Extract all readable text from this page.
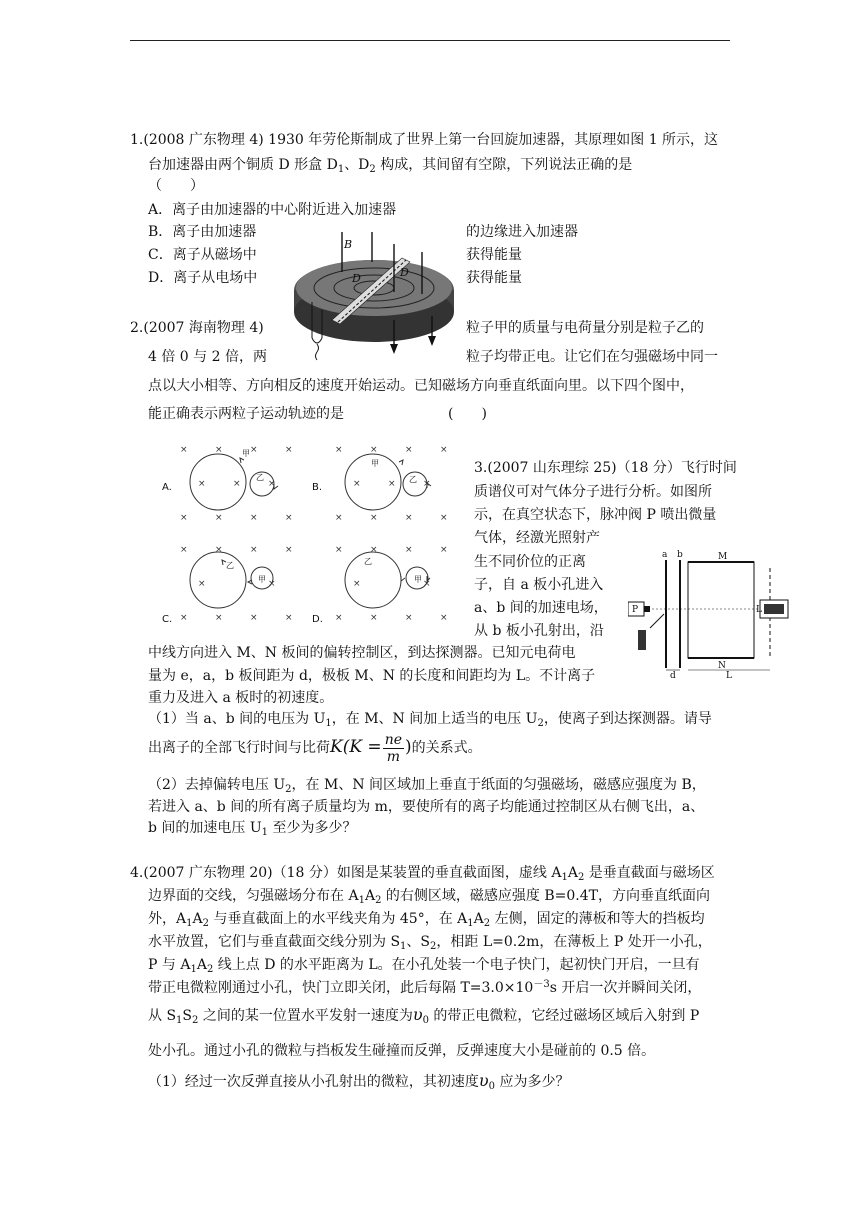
1.(2008 广东物理 4) 1930 年劳伦斯制成了世界上第一台回旋加速器，其原理如图 1 所示，这
台加速器由两个铜质 D 形盒 $D_1$、$D_2$ 构成，其间留有空隙，下列说法正确的是
（　　）
A．离子由加速器的中心附近进入加速器
B．离子由加速器	的边缘进入加速器
C．离子从磁场中	获得能量
D．离子从电场中	获得能量
B
D	D
2.(2007 海南物理 4)	粒子甲的质量与电荷量分别是粒子乙的
4 倍 0 与 2 倍，两	粒子均带正电。让它们在匀强磁场中同一
点以大小相等、方向相反的速度开始运动。已知磁场方向垂直纸面向里。以下四个图中，
能正确表示两粒子运动轨迹的是	(　　)
×	×	×	×
×	×	×
×	×	×	×
A.
甲
乙
×	×	×	×
×	×	×
×	×	×	×
B.
甲
乙
×	×	×	×
×	×
×	×	×	×
C.
乙
甲
×	×	×	×
×	×
×	×	×	×
D.
乙
甲
3.(2007 山东理综 25)（18 分）飞行时间
质谱仪可对气体分子进行分析。如图所
示，在真空状态下，脉冲阀 P 喷出微量
气体，经激光照射产
生不同价位的正离
子，自 a 板小孔进入
a、b 间的加速电场，
从 b 板小孔射出，沿
中线方向进入 M、N 板间的偏转控制区，到达探测器。已知元电荷电
量为 e，a，b 板间距为 d，极板 M、N 的长度和间距均为 L。不计离子
重力及进入 a 板时的初速度。
a b	M
N
L
L
d
P
（1）当 a、b 间的电压为 $U_1$，在 M、N 间加上适当的电压 $U_2$，使离子到达探测器。请导
出离子的全部飞行时间与比荷$K(K = \frac{ne}{m}$ )的关系式。
（2）去掉偏转电压 $U_2$，在 M、N 间区域加上垂直于纸面的匀强磁场，磁感应强度为 B，
若进入 a、b 间的所有离子质量均为 m，要使所有的离子均能通过控制区从右侧飞出，a、
b 间的加速电压 $U_1$ 至少为多少？
4.(2007 广东物理 20)（18 分）如图是某装置的垂直截面图，虚线 $A_1A_2$ 是垂直截面与磁场区
边界面的交线，匀强磁场分布在 $A_1A_2$ 的右侧区域，磁感应强度 B=0.4T，方向垂直纸面向
外，$A_1A_2$ 与垂直截面上的水平线夹角为 45°，在 $A_1A_2$ 左侧，固定的薄板和等大的挡板均
水平放置，它们与垂直截面交线分别为 $S_1$、$S_2$，相距 L=0.2m，在薄板上 P 处开一小孔，
P 与 $A_1A_2$ 线上点 D 的水平距离为 L。在小孔处装一个电子快门，起初快门开启，一旦有
带正电微粒刚通过小孔，快门立即关闭，此后每隔 $T=3.0\times 10^{-3}s$ 开启一次并瞬间关闭，
从 $S_1S_2$ 之间的某一位置水平发射一速度为$\upsilon_0$ 的带正电微粒，它经过磁场区域后入射到 P
处小孔。通过小孔的微粒与挡板发生碰撞而反弹，反弹速度大小是碰前的 0.5 倍。
（1）经过一次反弹直接从小孔射出的微粒，其初速度$\upsilon_0$ 应为多少？
